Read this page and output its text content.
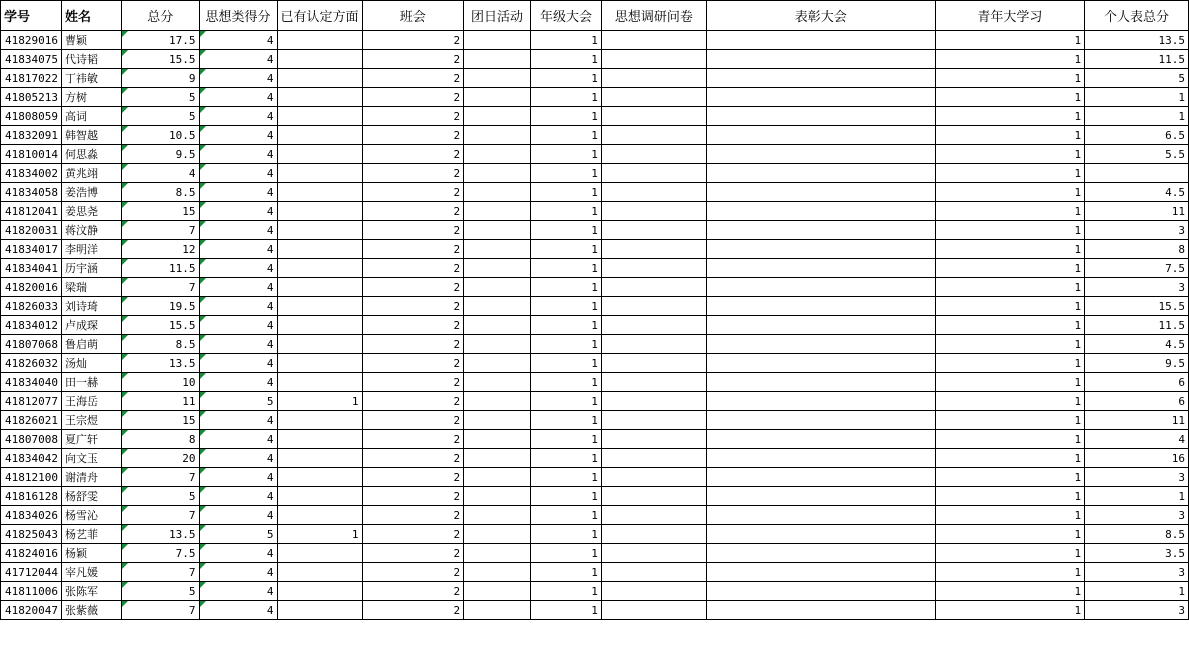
学号	姓名	总分	思想类得分	已有认定方面	班会	团日活动	年级大会	思想调研问卷	表彰大会	青年大学习	个人表总分
41829016	曹颖	17.5	4		2		1			1	13.5
41834075	代诗韬	15.5	4		2		1			1	11.5
41817022	丁祎敏	9	4		2		1			1	5
41805213	方树	5	4		2		1			1	1
41808059	高词	5	4		2		1			1	1
41832091	韩智越	10.5	4		2		1			1	6.5
41810014	何思淼	9.5	4		2		1			1	5.5
41834002	黄兆翊	4	4		2		1			1	
41834058	姜浩博	8.5	4		2		1			1	4.5
41812041	姜思尧	15	4		2		1			1	11
41820031	蒋汶静	7	4		2		1			1	3
41834017	李明洋	12	4		2		1			1	8
41834041	历宇涵	11.5	4		2		1			1	7.5
41820016	梁瑞	7	4		2		1			1	3
41826033	刘诗琦	19.5	4		2		1			1	15.5
41834012	卢成琛	15.5	4		2		1			1	11.5
41807068	鲁启萌	8.5	4		2		1			1	4.5
41826032	汤灿	13.5	4		2		1			1	9.5
41834040	田一赫	10	4		2		1			1	6
41812077	王海岳	11	5	1	2		1			1	6
41826021	王宗煜	15	4		2		1			1	11
41807008	夏广轩	8	4		2		1			1	4
41834042	向文玉	20	4		2		1			1	16
41812100	谢清舟	7	4		2		1			1	3
41816128	杨舒雯	5	4		2		1			1	1
41834026	杨雪沁	7	4		2		1			1	3
41825043	杨艺菲	13.5	5	1	2		1			1	8.5
41824016	杨颖	7.5	4		2		1			1	3.5
41712044	宰凡媛	7	4		2		1			1	3
41811006	张陈军	5	4		2		1			1	1
41820047	张紫薇	7	4		2		1			1	3
